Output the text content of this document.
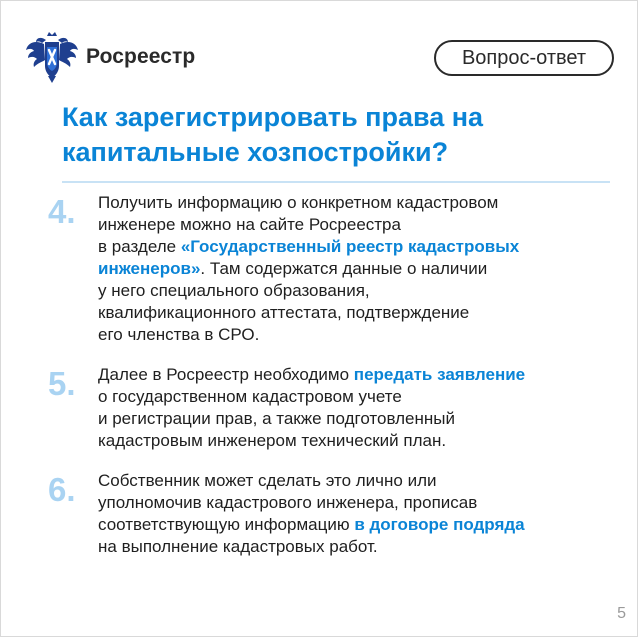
Росреестр	Вопрос-ответ
Как зарегистрировать права на
капитальные хозпостройки?
4.	Получить информацию о конкретном кадастровом
инженере можно на сайте Росреестра
в разделе «Государственный реестр кадастровых
инженеров». Там содержатся данные о наличии
у него специального образования,
квалификационного аттестата, подтверждение
его членства в СРО.

5.	Далее в Росреестр необходимо передать заявление
о государственном кадастровом учете
и регистрации прав, а также подготовленный
кадастровым инженером технический план.

6.	Собственник может сделать это лично или
уполномочив кадастрового инженера, прописав
соответствующую информацию в договоре подряда
на выполнение кадастровых работ.

5
